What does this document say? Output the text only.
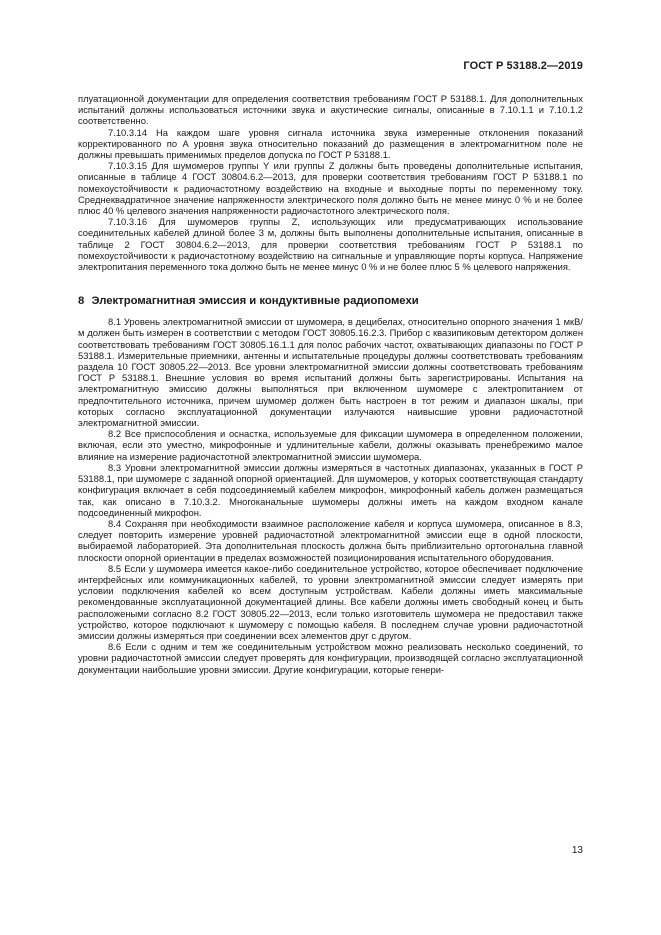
ГОСТ Р 53188.2—2019

плуатационной документации для определения соответствия требованиям ГОСТ Р 53188.1. Для дополнительных испытаний должны использоваться источники звука и акустические сигналы, описанные в 7.10.1.1 и 7.10.1.2 соответственно.

7.10.3.14 На каждом шаге уровня сигнала источника звука измеренные отклонения показаний корректированного по A уровня звука относительно показаний до размещения в электромагнитном поле не должны превышать применимых пределов допуска по ГОСТ Р 53188.1.

7.10.3.15 Для шумомеров группы Y или группы Z должны быть проведены дополнительные испытания, описанные в таблице 4 ГОСТ 30804.6.2—2013, для проверки соответствия требованиям ГОСТ Р 53188.1 по помехоустойчивости к радиочастотному воздействию на входные и выходные порты по переменному току. Среднеквадратичное значение напряженности электрического поля должно быть не менее минус 0 % и не более плюс 40 % целевого значения напряженности радиочастотного электрического поля.

7.10.3.16 Для шумомеров группы Z, использующих или предусматривающих использование соединительных кабелей длиной более 3 м, должны быть выполнены дополнительные испытания, описанные в таблице 2 ГОСТ 30804.6.2—2013, для проверки соответствия требованиям ГОСТ Р 53188.1 по помехоустойчивости к радиочастотному воздействию на сигнальные и управляющие порты корпуса. Напряжение электропитания переменного тока должно быть не менее минус 0 % и не более плюс 5 % целевого напряжения.

8 Электромагнитная эмиссия и кондуктивные радиопомехи

8.1 Уровень электромагнитной эмиссии от шумомера, в децибелах, относительно опорного значения 1 мкВ/м должен быть измерен в соответствии с методом ГОСТ 30805.16.2.3. Прибор с квазипиковым детектором должен соответствовать требованиям ГОСТ 30805.16.1.1 для полос рабочих частот, охватывающих диапазоны по ГОСТ Р 53188.1. Измерительные приемники, антенны и испытательные процедуры должны соответствовать требованиям раздела 10 ГОСТ 30805.22—2013. Все уровни электромагнитной эмиссии должны соответствовать требованиям ГОСТ Р 53188.1. Внешние условия во время испытаний должны быть зарегистрированы. Испытания на электромагнитную эмиссию должны выполняться при включенном шумомере с электропитанием от предпочтительного источника, причем шумомер должен быть настроен в тот режим и диапазон шкалы, при которых согласно эксплуатационной документации излучаются наивысшие уровни радиочастотной электромагнитной эмиссии.

8.2 Все приспособления и оснастка, используемые для фиксации шумомера в определенном положении, включая, если это уместно, микрофонные и удлинительные кабели, должны оказывать пренебрежимо малое влияние на измерение радиочастотной электромагнитной эмиссии шумомера.

8.3 Уровни электромагнитной эмиссии должны измеряться в частотных диапазонах, указанных в ГОСТ Р 53188.1, при шумомере с заданной опорной ориентацией. Для шумомеров, у которых соответствующая стандарту конфигурация включает в себя подсоединяемый кабелем микрофон, микрофонный кабель должен размещаться так, как описано в 7.10.3.2. Многоканальные шумомеры должны иметь на каждом входном канале подсоединенный микрофон.

8.4 Сохраняя при необходимости взаимное расположение кабеля и корпуса шумомера, описанное в 8.3, следует повторить измерение уровней радиочастотной электромагнитной эмиссии еще в одной плоскости, выбираемой лабораторией. Эта дополнительная плоскость должна быть приблизительно ортогональна главной плоскости опорной ориентации в пределах возможностей позиционирования испытательного оборудования.

8.5 Если у шумомера имеется какое-либо соединительное устройство, которое обеспечивает подключение интерфейсных или коммуникационных кабелей, то уровни электромагнитной эмиссии следует измерять при условии подключения кабелей ко всем доступным устройствам. Кабели должны иметь максимальные рекомендованные эксплуатационной документацией длины. Все кабели должны иметь свободный конец и быть расположеными согласно 8.2 ГОСТ 30805.22—2013, если только изготовитель шумомера не предоставил также устройство, которое подключают к шумомеру с помощью кабеля. В последнем случае уровни радиочастотной эмиссии должны измеряться при соединении всех элементов друг с другом.

8.6 Если с одним и тем же соединительным устройством можно реализовать несколько соединений, то уровни радиочастотной эмиссии следует проверять для конфигурации, производящей согласно эксплуатационной документации наибольшие уровни эмиссии. Другие конфигурации, которые генери-

13
